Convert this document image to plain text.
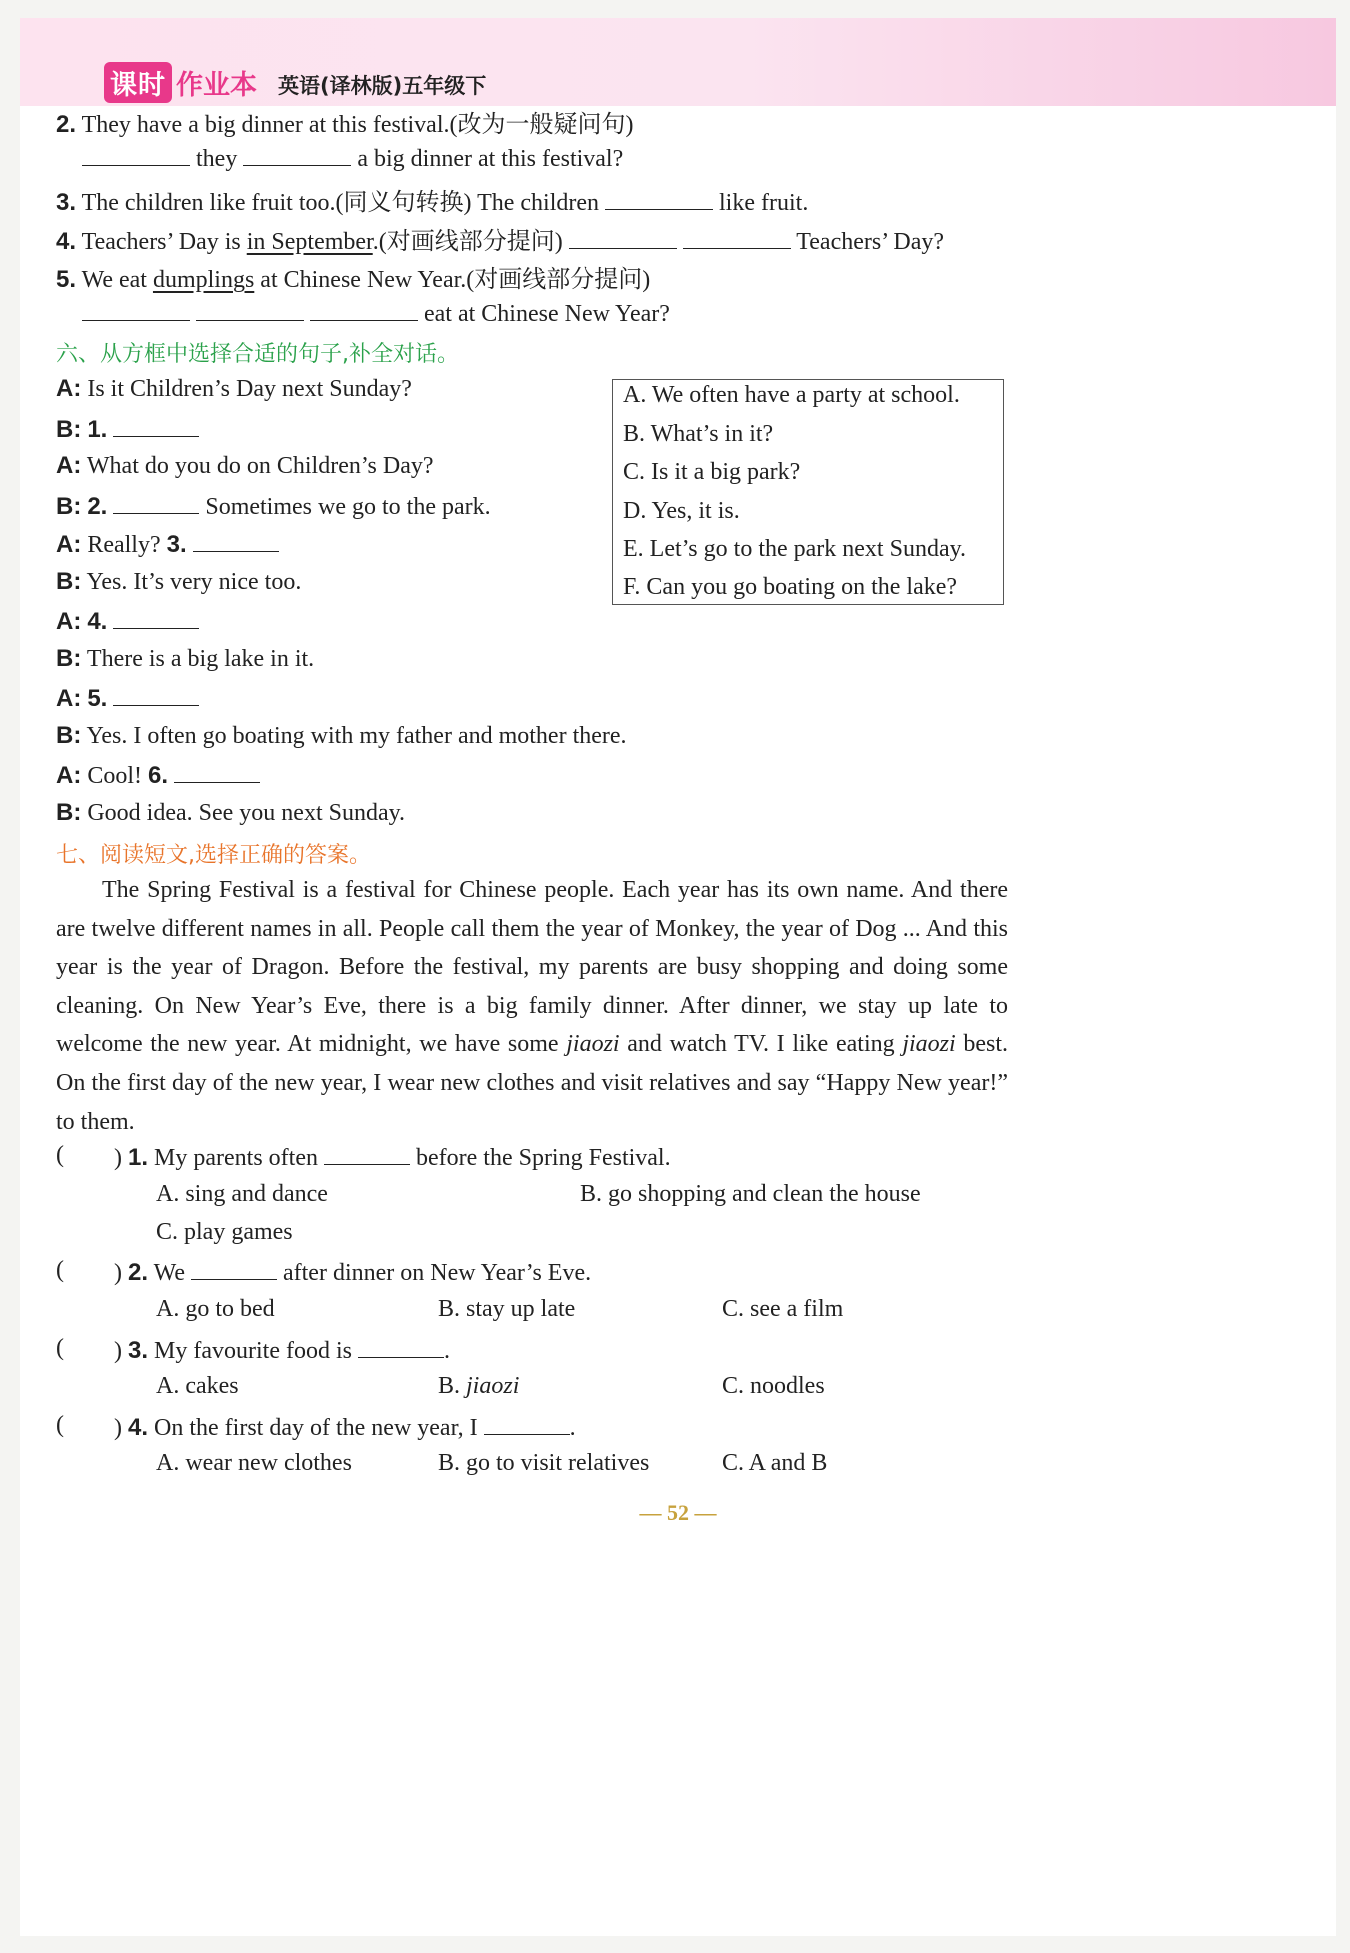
课时 作业本 英语(译林版)五年级下
2. They have a big dinner at this festival.(改为一般疑问句)
they	a big dinner at this festival?
3. The children like fruit too.(同义句转换) The children	like fruit.
4. Teachers’ Day is in September.(对画线部分提问)	Teachers’ Day?
5. We eat dumplings at Chinese New Year.(对画线部分提问)
eat at Chinese New Year?
六、从方框中选择合适的句子,补全对话。
A: Is it Children’s Day next Sunday?
B: 1.
A: What do you do on Children’s Day?
B: 2.	Sometimes we go to the park.
A: Really? 3.
B: Yes. It’s very nice too.
A: 4.
B: There is a big lake in it.
A: 5.
B: Yes. I often go boating with my father and mother there.
A: Cool! 6.
B: Good idea. See you next Sunday.
A. We often have a party at school.
B. What’s in it?
C. Is it a big park?
D. Yes, it is.
E. Let’s go to the park next Sunday.
F. Can you go boating on the lake?
七、阅读短文,选择正确的答案。

The Spring Festival is a festival for Chinese people. Each year has its own name. And there are twelve different names in all. People call them the year of Monkey, the year of Dog ... And this year is the year of Dragon. Before the festival, my parents are busy shopping and doing some cleaning. On New Year’s Eve, there is a big family dinner. After dinner, we stay up late to welcome the new year. At midnight, we have some jiaozi and watch TV. I like eating jiaozi best. On the first day of the new year, I wear new clothes and visit relatives and say “Happy New year!” to them.

( ) 1. My parents often	before the Spring Festival.
A. sing and dance	B. go shopping and clean the house
C. play games
( ) 2. We	after dinner on New Year’s Eve.
A. go to bed	B. stay up late	C. see a film
( ) 3. My favourite food is	.
A. cakes	B. jiaozi	C. noodles
( ) 4. On the first day of the new year, I	.
A. wear new clothes	B. go to visit relatives	C. A and B
— 52 —
